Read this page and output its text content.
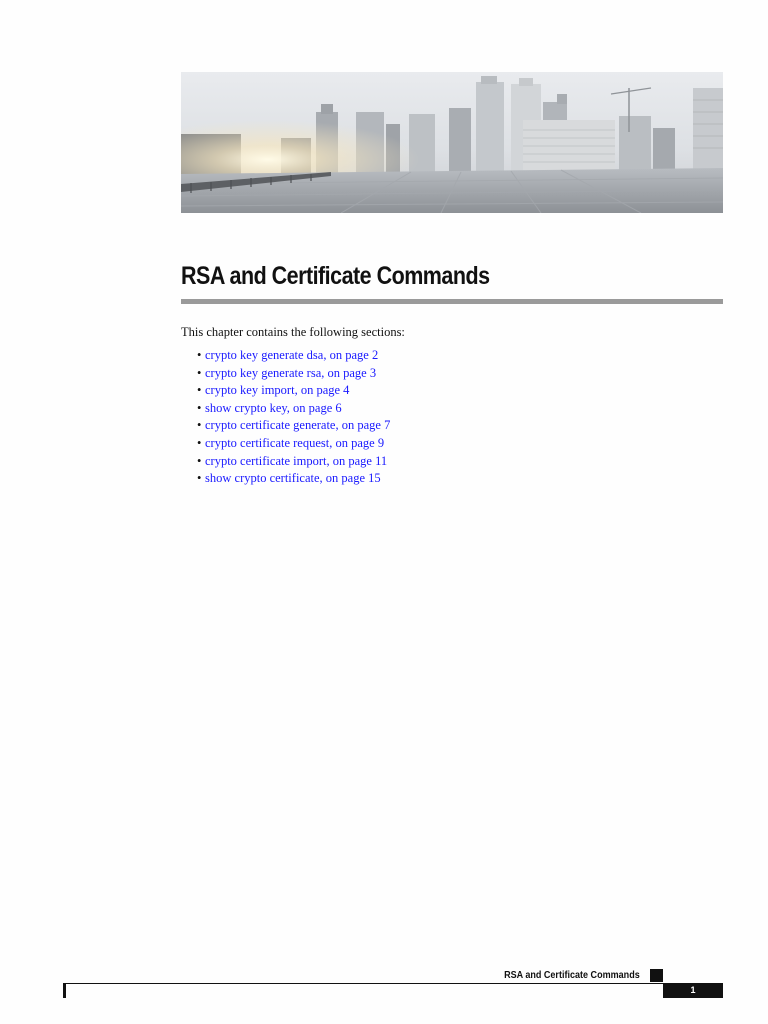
RSA and Certificate Commands
This chapter contains the following sections:
• crypto key generate dsa, on page 2
• crypto key generate rsa, on page 3
• crypto key import, on page 4
• show crypto key, on page 6
• crypto certificate generate, on page 7
• crypto certificate request, on page 9
• crypto certificate import, on page 11
• show crypto certificate, on page 15
RSA and Certificate Commands
1
